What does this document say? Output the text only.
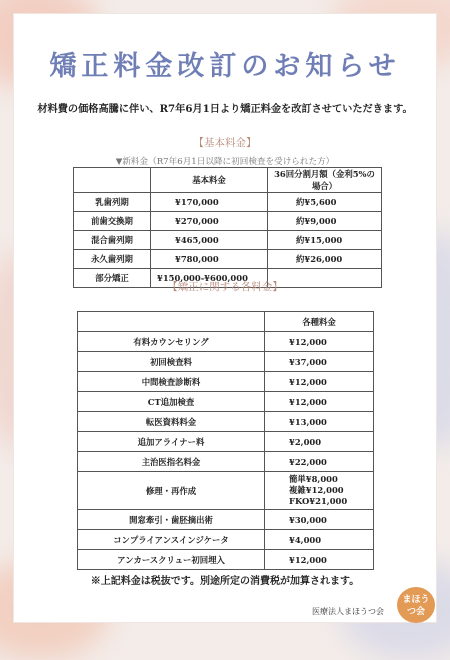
矯正料金改訂のお知らせ
材料費の価格高騰に伴い、R7年6月1日より矯正料金を改訂させていただきます。
【基本料金】
▼新料金（R7年6月1日以降に初回検査を受けられた方）
	基本料金	36回分割月額（金利5%の場合）
乳歯列期	¥170,000	約¥5,600
前歯交換期	¥270,000	約¥9,000
混合歯列期	¥465,000	約¥15,000
永久歯列期	¥780,000	約¥26,000
部分矯正	¥150,000-¥600,000	
【矯正に関する各料金】
	各種料金
有料カウンセリング	¥12,000
初回検査料	¥37,000
中間検査診断料	¥12,000
CT追加検査	¥12,000
転医資料料金	¥13,000
追加アライナー料	¥2,000
主治医指名料金	¥22,000
修理・再作成	簡単¥8,000
複雑¥12,000
FKO¥21,000

開窓牽引・歯胚摘出術	¥30,000
コンプライアンスインジケータ	¥4,000
アンカースクリュー初回埋入	¥12,000
※上記料金は税抜です。別途所定の消費税が加算されます。
医療法人まほうつ会
まほう
つ会
